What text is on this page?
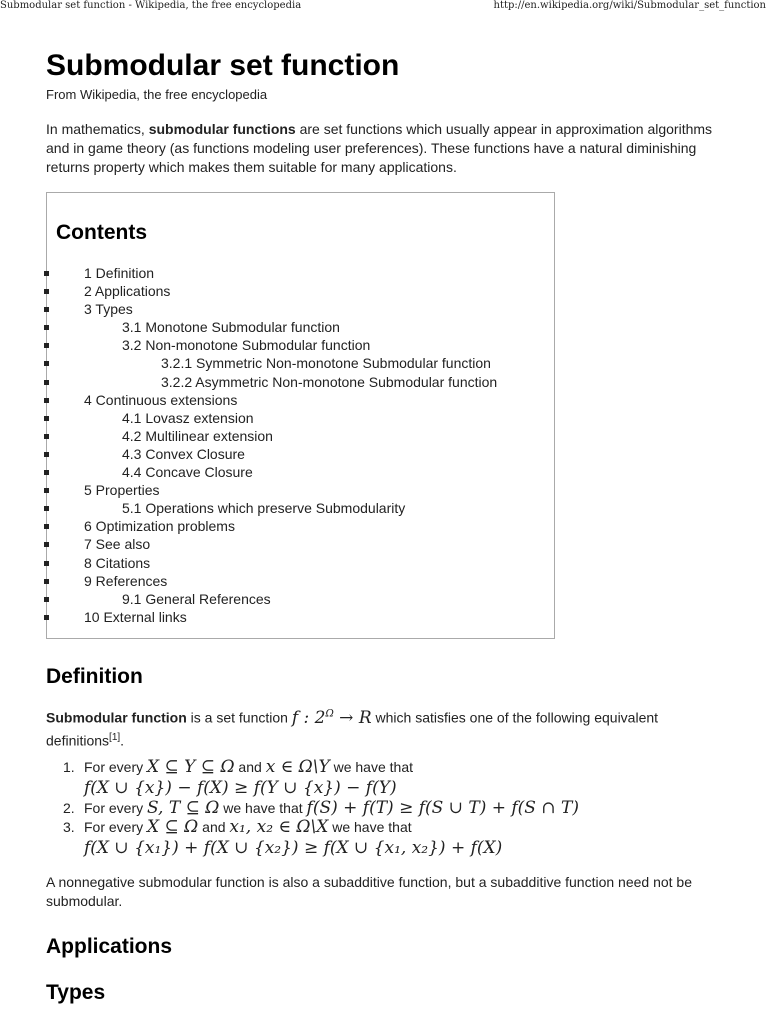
Submodular set function - Wikipedia, the free encyclopedia	http://en.wikipedia.org/wiki/Submodular_set_function
Submodular set function
From Wikipedia, the free encyclopedia

In mathematics, submodular functions are set functions which usually appear in approximation algorithms and in game theory (as functions modeling user preferences). These functions have a natural diminishing returns property which makes them suitable for many applications.

Contents
1 Definition
2 Applications
3 Types
3.1 Monotone Submodular function
3.2 Non-monotone Submodular function
3.2.1 Symmetric Non-monotone Submodular function
3.2.2 Asymmetric Non-monotone Submodular function
4 Continuous extensions
4.1 Lovasz extension
4.2 Multilinear extension
4.3 Convex Closure
4.4 Concave Closure
5 Properties
5.1 Operations which preserve Submodularity
6 Optimization problems
7 See also
8 Citations
9 References
9.1 General References
10 External links
Definition

Submodular function is a set function f : $2^\Omega \to R$ which satisfies one of the following equivalent definitions[1].

1. For every X ⊆ Y ⊆ Ω and x ∈ Ω\Y we have that
f(X ∪ {x}) − f(X) ≥ f(Y ∪ {x}) − f(Y)
2. For every S, T ⊆ Ω we have that f(S) + f(T) ≥ f(S ∪ T) + f(S ∩ T)
3. For every X ⊆ Ω and x₁, x₂ ∈ Ω\X we have that
f(X ∪ {x₁}) + f(X ∪ {x₂}) ≥ f(X ∪ {x₁, x₂}) + f(X)

A nonnegative submodular function is also a subadditive function, but a subadditive function need not be submodular.

Applications
Types
